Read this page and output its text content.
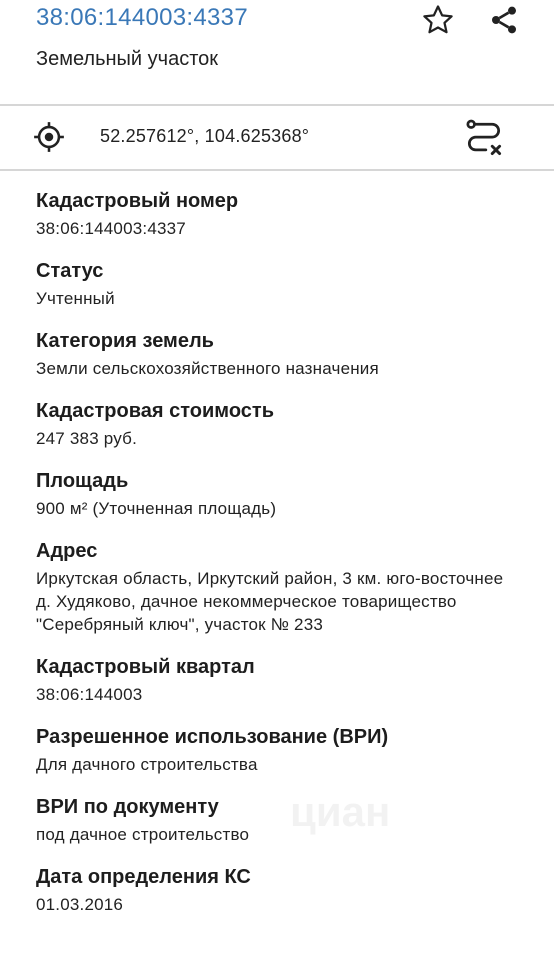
38:06:144003:4337
Земельный участок
52.257612°, 104.625368°
Кадастровый номер
38:06:144003:4337
Статус
Учтенный
Категория земель
Земли сельскохозяйственного назначения
Кадастровая стоимость
247 383 руб.
Площадь
900 м² (Уточненная площадь)
Адрес
Иркутская область, Иркутский район, 3 км. юго-восточнее д. Худяково, дачное некоммерческое товарищество "Серебряный ключ", участок № 233
Кадастровый квартал
38:06:144003
Разрешенное использование (ВРИ)
Для дачного строительства
ВРИ по документу
под дачное строительство
Дата определения КС
01.03.2016
циан
